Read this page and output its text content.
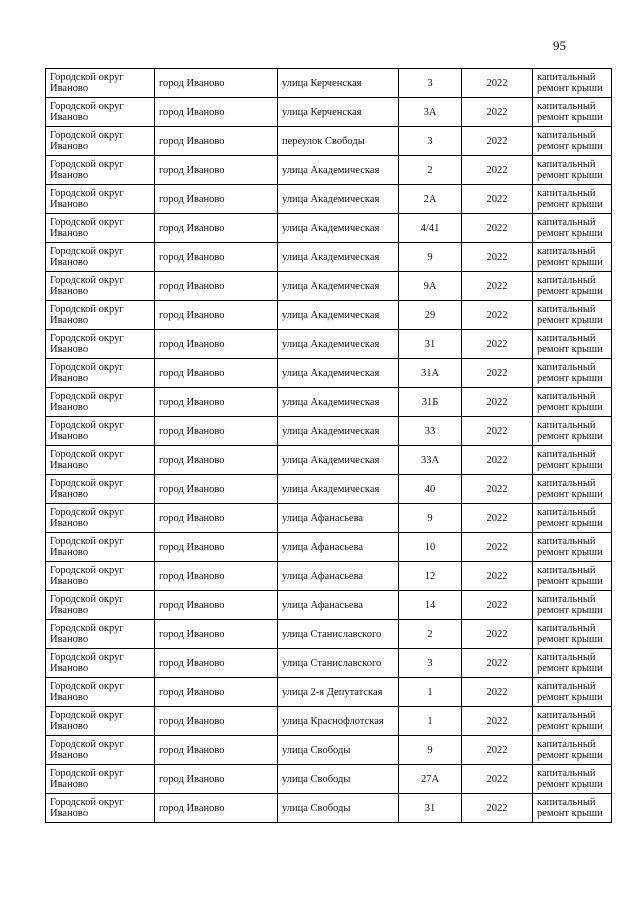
95
Городской округ Иваново	город Иваново	улица Керченская	3	2022	капитальный ремонт крыши
Городской округ Иваново	город Иваново	улица Керченская	3А	2022	капитальный ремонт крыши
Городской округ Иваново	город Иваново	переулок Свободы	3	2022	капитальный ремонт крыши
Городской округ Иваново	город Иваново	улица Академическая	2	2022	капитальный ремонт крыши
Городской округ Иваново	город Иваново	улица Академическая	2А	2022	капитальный ремонт крыши
Городской округ Иваново	город Иваново	улица Академическая	4/41	2022	капитальный ремонт крыши
Городской округ Иваново	город Иваново	улица Академическая	9	2022	капитальный ремонт крыши
Городской округ Иваново	город Иваново	улица Академическая	9А	2022	капитальный ремонт крыши
Городской округ Иваново	город Иваново	улица Академическая	29	2022	капитальный ремонт крыши
Городской округ Иваново	город Иваново	улица Академическая	31	2022	капитальный ремонт крыши
Городской округ Иваново	город Иваново	улица Академическая	31А	2022	капитальный ремонт крыши
Городской округ Иваново	город Иваново	улица Академическая	31Б	2022	капитальный ремонт крыши
Городской округ Иваново	город Иваново	улица Академическая	33	2022	капитальный ремонт крыши
Городской округ Иваново	город Иваново	улица Академическая	33А	2022	капитальный ремонт крыши
Городской округ Иваново	город Иваново	улица Академическая	40	2022	капитальный ремонт крыши
Городской округ Иваново	город Иваново	улица Афанасьева	9	2022	капитальный ремонт крыши
Городской округ Иваново	город Иваново	улица Афанасьева	10	2022	капитальный ремонт крыши
Городской округ Иваново	город Иваново	улица Афанасьева	12	2022	капитальный ремонт крыши
Городской округ Иваново	город Иваново	улица Афанасьева	14	2022	капитальный ремонт крыши
Городской округ Иваново	город Иваново	улица Станиславского	2	2022	капитальный ремонт крыши
Городской округ Иваново	город Иваново	улица Станиславского	3	2022	капитальный ремонт крыши
Городской округ Иваново	город Иваново	улица 2-я Депутатская	1	2022	капитальный ремонт крыши
Городской округ Иваново	город Иваново	улица Краснофлотская	1	2022	капитальный ремонт крыши
Городской округ Иваново	город Иваново	улица Свободы	9	2022	капитальный ремонт крыши
Городской округ Иваново	город Иваново	улица Свободы	27А	2022	капитальный ремонт крыши
Городской округ Иваново	город Иваново	улица Свободы	31	2022	капитальный ремонт крыши
